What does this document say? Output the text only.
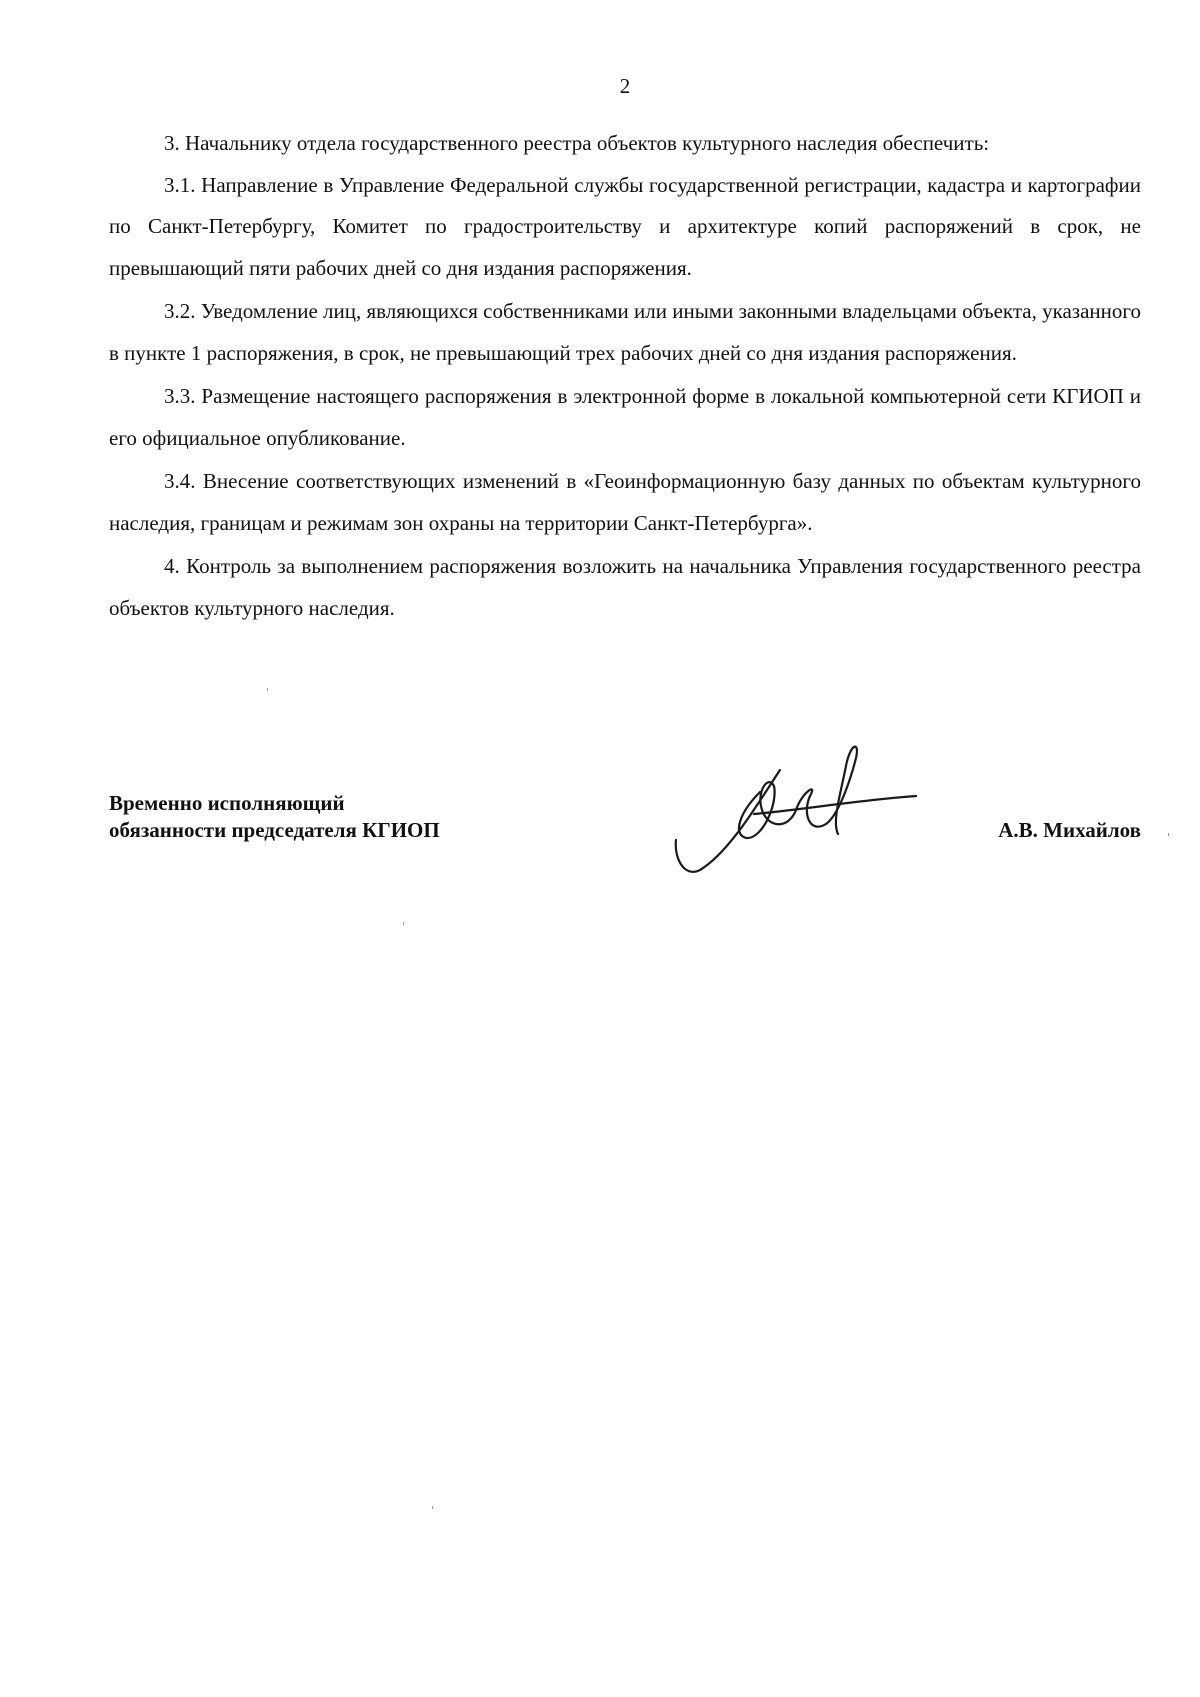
2

3. Начальнику отдела государственного реестра объектов культурного наследия обеспечить:

3.1. Направление в Управление Федеральной службы государственной регистрации, кадастра и картографии по Санкт-Петербургу, Комитет по градостроительству и архитектуре копий распоряжений в срок, не превышающий пяти рабочих дней со дня издания распоряжения.

3.2. Уведомление лиц, являющихся собственниками или иными законными владельцами объекта, указанного в пункте 1 распоряжения, в срок, не превышающий трех рабочих дней со дня издания распоряжения.

3.3. Размещение настоящего распоряжения в электронной форме в локальной компьютерной сети КГИОП и его официальное опубликование.

3.4. Внесение соответствующих изменений в «Геоинформационную базу данных по объектам культурного наследия, границам и режимам зон охраны на территории Санкт-Петербурга».

4. Контроль за выполнением распоряжения возложить на начальника Управления государственного реестра объектов культурного наследия.

Временно исполняющий
обязанности председателя КГИОП	А.В. Михайлов
